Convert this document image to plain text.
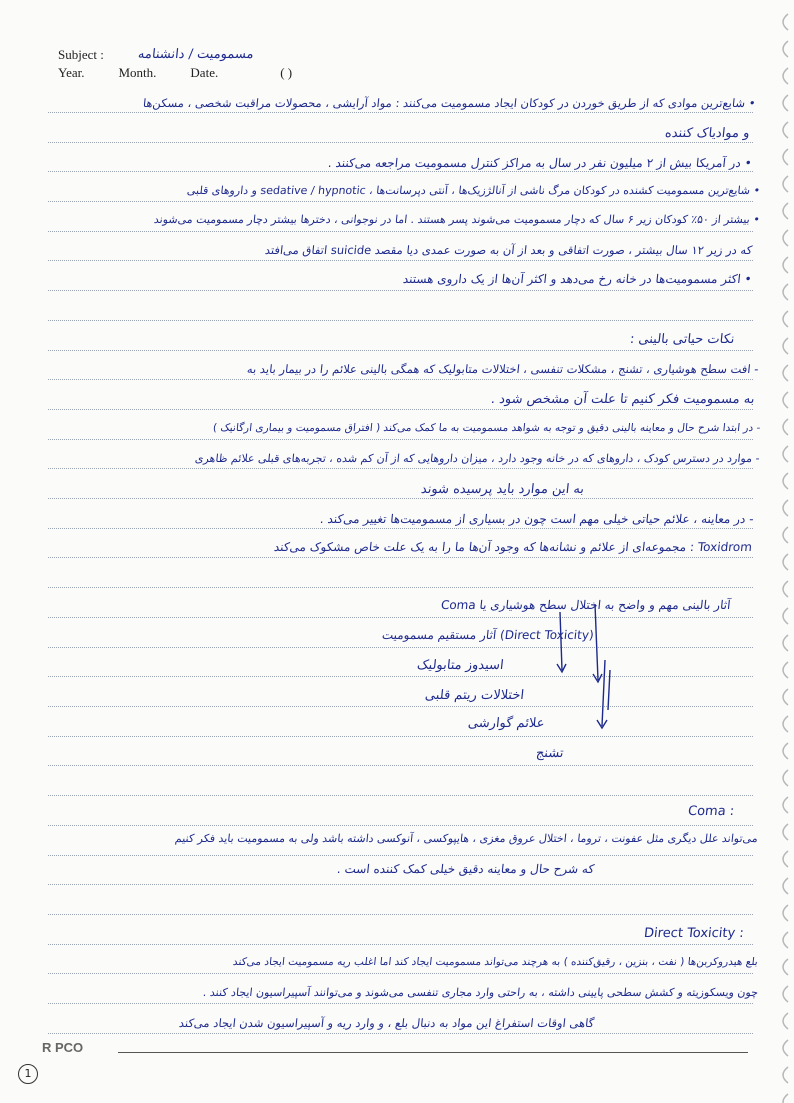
Subject :	مسمومیت / دانشنامه
Year.	Month.	Date.	( )
• شایع‌ترین موادی که از طریق خوردن در کودکان ایجاد مسمومیت می‌کنند : مواد آرایشی ، محصولات مراقبت شخصی ، مسکن‌ها
و موادیاک کننده
• در آمریکا بیش از ۲ میلیون نفر در سال به مراکز کنترل مسمومیت مراجعه می‌کنند .
• شایع‌ترین مسمومیت کشنده در کودکان مرگ ناشی از آنالژزیک‌ها ، آنتی دپرسانت‌ها ، sedative / hypnotic و داروهای قلبی
• بیشتر از ۵۰٪ کودکان زیر ۶ سال که دچار مسمومیت می‌شوند پسر هستند . اما در نوجوانی ، دخترها بیشتر دچار مسمومیت می‌شوند
که در زیر ۱۲ سال بیشتر ، صورت اتفاقی و بعد از آن به صورت عمدی دیا مقصد suicide اتفاق می‌افتد
• اکثر مسمومیت‌ها در خانه رخ می‌دهد و اکثر آن‌ها از یک داروی هستند
نکات حیاتی بالینی :
- افت سطح هوشیاری ، تشنج ، مشکلات تنفسی ، اختلالات متابولیک که همگی بالینی علائم را در بیمار باید به
به مسمومیت فکر کنیم تا علت آن مشخص شود .
- در ابتدا شرح حال و معاینه بالینی دقیق و توجه به شواهد مسمومیت به ما کمک می‌کند ( افتراق مسمومیت و بیماری ارگانیک )
- موارد در دسترس کودک ، داروهای که در خانه وجود دارد ، میزان داروهایی که از آن کم شده ، تجربه‌های قبلی علائم ظاهری
به این موارد باید پرسیده شوند
- در معاینه ، علائم حیاتی خیلی مهم است چون در بسیاری از مسمومیت‌ها تغییر می‌کند .
Toxidrom : مجموعه‌ای از علائم و نشانه‌ها که وجود آن‌ها ما را به یک علت خاص مشکوک می‌کند
آثار بالینی مهم و واضح به اختلال سطح هوشیاری یا Coma
(Direct Toxicity) آثار مستقیم مسمومیت
اسیدوز متابولیک
اختلالات ریتم قلبی
علائم گوارشی
تشنج
: Coma
می‌تواند علل دیگری مثل عفونت ، تروما ، اختلال عروق مغزی ، هایپوکسی ، آنوکسی داشته باشد ولی به مسمومیت باید فکر کنیم
که شرح حال و معاینه دقیق خیلی کمک کننده است .
: Direct Toxicity
بلع هیدروکربن‌ها ( نفت ، بنزین ، رقیق‌کننده ) به هرچند می‌تواند مسمومیت ایجاد کند اما اغلب ریه مسمومیت ایجاد می‌کند
چون ویسکوزیته و کشش سطحی پایینی داشته ، به راحتی وارد مجاری تنفسی می‌شوند و می‌توانند آسپیراسیون ایجاد کنند .
گاهی اوقات استفراغ این مواد به دنبال بلع ، و وارد ریه و آسپیراسیون شدن ایجاد می‌کند
R PCO
1
